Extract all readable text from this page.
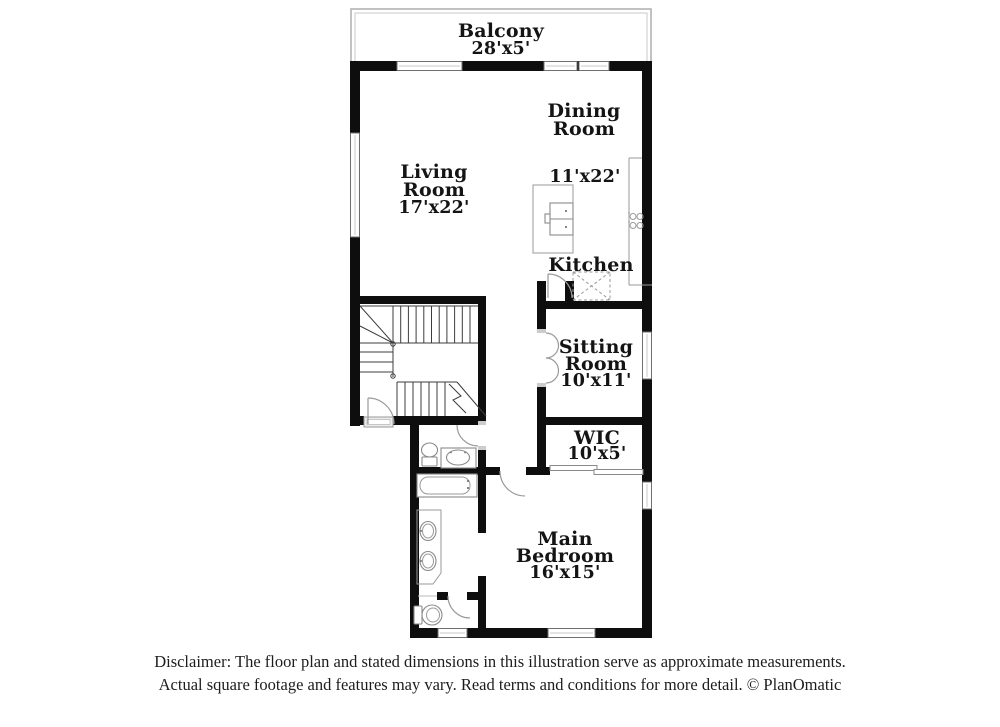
Balcony
28'x5'
Dining
Room
Living
Room
17'x22'
11'x22'
Kitchen
Sitting
Room
10'x11'
WIC
10'x5'
Main
Bedroom
16'x15'
Disclaimer: The floor plan and stated dimensions in this illustration serve as approximate measurements.
Actual square footage and features may vary. Read terms and conditions for more detail. © PlanOmatic
